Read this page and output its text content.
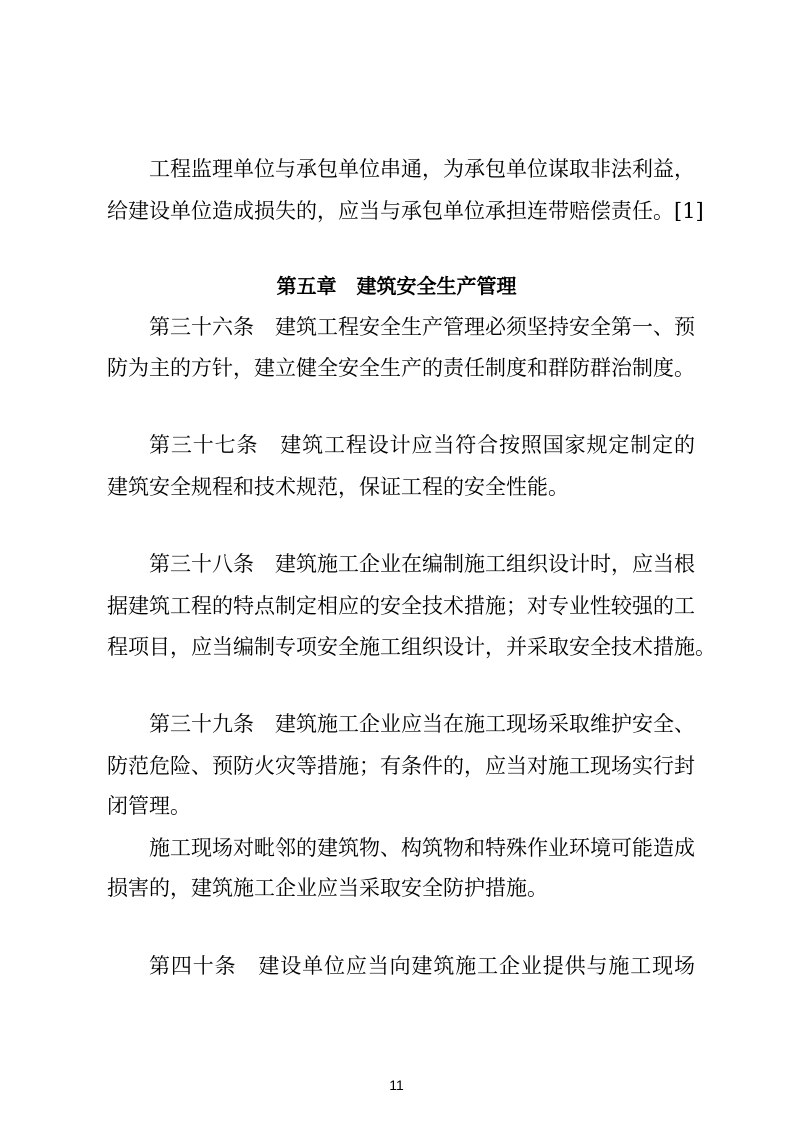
工程监理单位与承包单位串通，为承包单位谋取非法利益，
给建设单位造成损失的，应当与承包单位承担连带赔偿责任。[1]
第五章　建筑安全生产管理
第三十六条　建筑工程安全生产管理必须坚持安全第一、预
防为主的方针，建立健全安全生产的责任制度和群防群治制度。
第三十七条　建筑工程设计应当符合按照国家规定制定的
建筑安全规程和技术规范，保证工程的安全性能。
第三十八条　建筑施工企业在编制施工组织设计时，应当根
据建筑工程的特点制定相应的安全技术措施；对专业性较强的工
程项目，应当编制专项安全施工组织设计，并采取安全技术措施。
第三十九条　建筑施工企业应当在施工现场采取维护安全、
防范危险、预防火灾等措施；有条件的，应当对施工现场实行封
闭管理。
施工现场对毗邻的建筑物、构筑物和特殊作业环境可能造成
损害的，建筑施工企业应当采取安全防护措施。
第四十条　建设单位应当向建筑施工企业提供与施工现场
11
